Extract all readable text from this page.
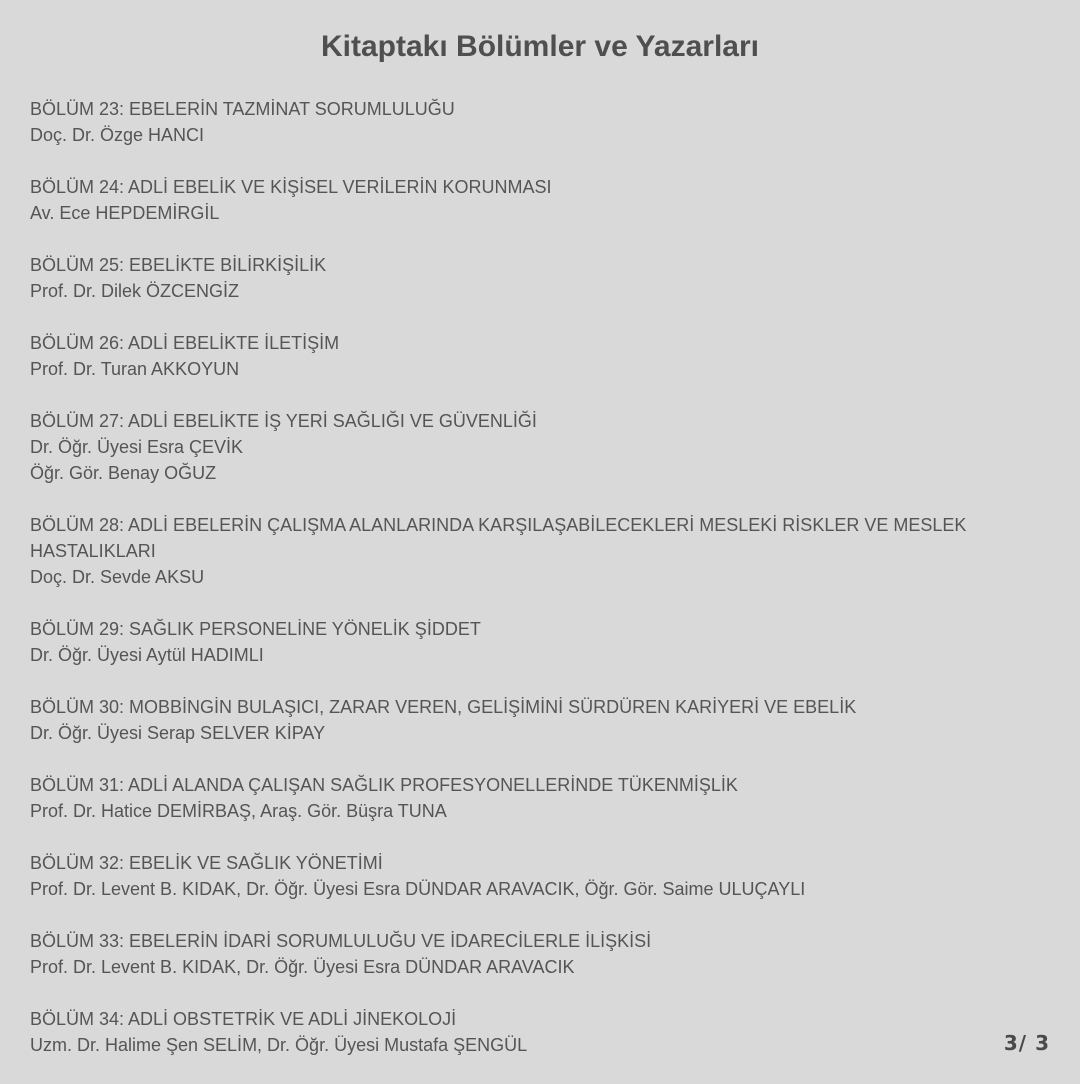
Kitaptakı Bölümler ve Yazarları
BÖLÜM 23: EBELERİN TAZMİNAT SORUMLULUĞU
Doç. Dr. Özge HANCI
BÖLÜM 24: ADLİ EBELİK VE KİŞİSEL VERİLERİN KORUNMASI
Av. Ece HEPDEMİRGİL
BÖLÜM 25: EBELİKTE BİLİRKİŞİLİK
Prof. Dr. Dilek ÖZCENGİZ
BÖLÜM 26: ADLİ EBELİKTE İLETİŞİM
Prof. Dr. Turan AKKOYUN
BÖLÜM 27: ADLİ EBELİKTE İŞ YERİ SAĞLIĞI VE GÜVENLİĞİ
Dr. Öğr. Üyesi Esra ÇEVİK
Öğr. Gör. Benay OĞUZ
BÖLÜM 28: ADLİ EBELERİN ÇALIŞMA ALANLARINDA KARŞILAŞABİLECEKLERİ MESLEKİ RİSKLER VE MESLEK HASTALIKLARI
Doç. Dr. Sevde AKSU
BÖLÜM 29: SAĞLIK PERSONELİNE YÖNELİK ŞİDDET
Dr. Öğr. Üyesi Aytül HADIMLI
BÖLÜM 30: MOBBİNGİN BULAŞICI, ZARAR VEREN, GELİŞİMİNİ SÜRDÜREN KARİYERİ VE EBELİK
Dr. Öğr. Üyesi Serap SELVER KİPAY
BÖLÜM 31: ADLİ ALANDA ÇALIŞAN SAĞLIK PROFESYONELLERİNDE TÜKENMİŞLİK
Prof. Dr. Hatice DEMİRBAŞ, Araş. Gör. Büşra TUNA
BÖLÜM 32: EBELİK VE SAĞLIK YÖNETİMİ
Prof. Dr. Levent B. KIDAK, Dr. Öğr. Üyesi Esra DÜNDAR ARAVACIK, Öğr. Gör. Saime ULUÇAYLI
BÖLÜM 33: EBELERİN İDARİ SORUMLULUĞU VE İDARECİLERLE İLİŞKİSİ
Prof. Dr. Levent B. KIDAK, Dr. Öğr. Üyesi Esra DÜNDAR ARAVACIK
BÖLÜM 34: ADLİ OBSTETRİK VE ADLİ JİNEKOLOJİ
Uzm. Dr. Halime Şen SELİM, Dr. Öğr. Üyesi Mustafa ŞENGÜL	3/ 3
